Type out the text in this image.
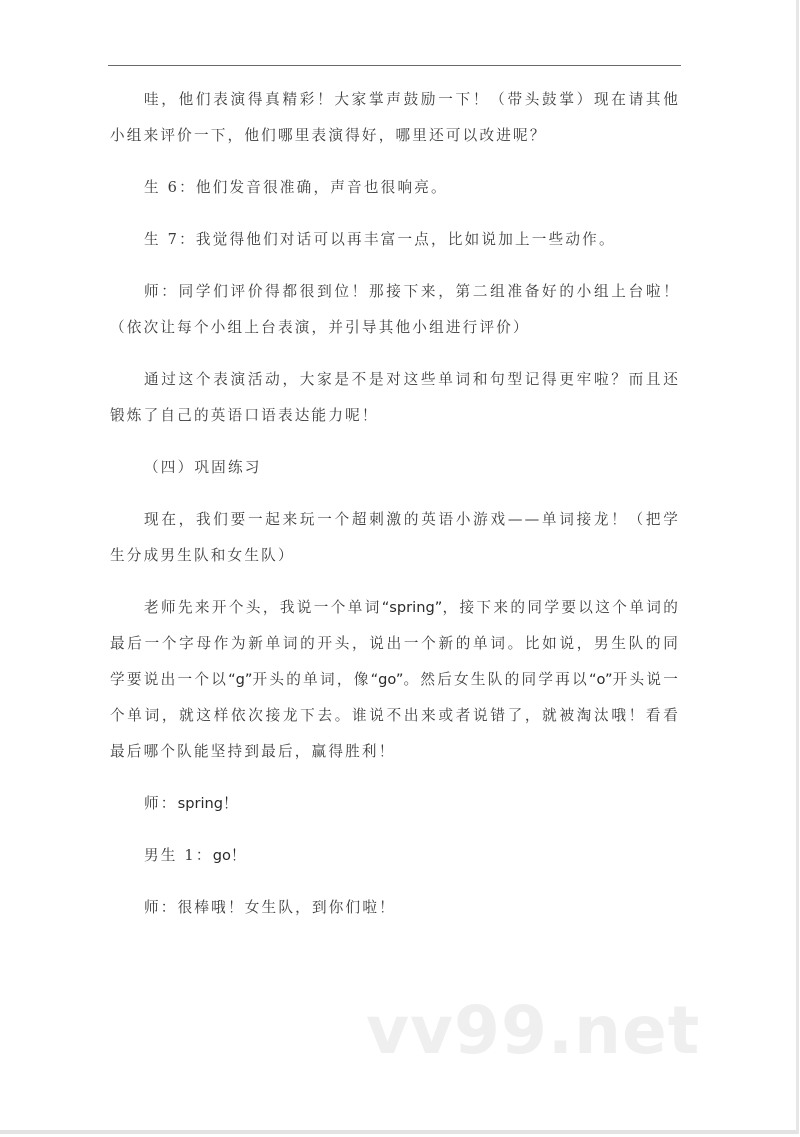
哇，他们表演得真精彩！大家掌声鼓励一下！（带头鼓掌）现在请其他小组来评价一下，他们哪里表演得好，哪里还可以改进呢？

生 6：他们发音很准确，声音也很响亮。

生 7：我觉得他们对话可以再丰富一点，比如说加上一些动作。

师：同学们评价得都很到位！那接下来，第二组准备好的小组上台啦！（依次让每个小组上台表演，并引导其他小组进行评价）

通过这个表演活动，大家是不是对这些单词和句型记得更牢啦？而且还锻炼了自己的英语口语表达能力呢！

（四）巩固练习

现在，我们要一起来玩一个超刺激的英语小游戏——单词接龙！（把学生分成男生队和女生队）

老师先来开个头，我说一个单词“spring”，接下来的同学要以这个单词的最后一个字母作为新单词的开头，说出一个新的单词。比如说，男生队的同学要说出一个以“g”开头的单词，像“go”。然后女生队的同学再以“o”开头说一个单词，就这样依次接龙下去。谁说不出来或者说错了，就被淘汰哦！看看最后哪个队能坚持到最后，赢得胜利！

师：spring！

男生 1：go！

师：很棒哦！女生队，到你们啦！

vv99.net
